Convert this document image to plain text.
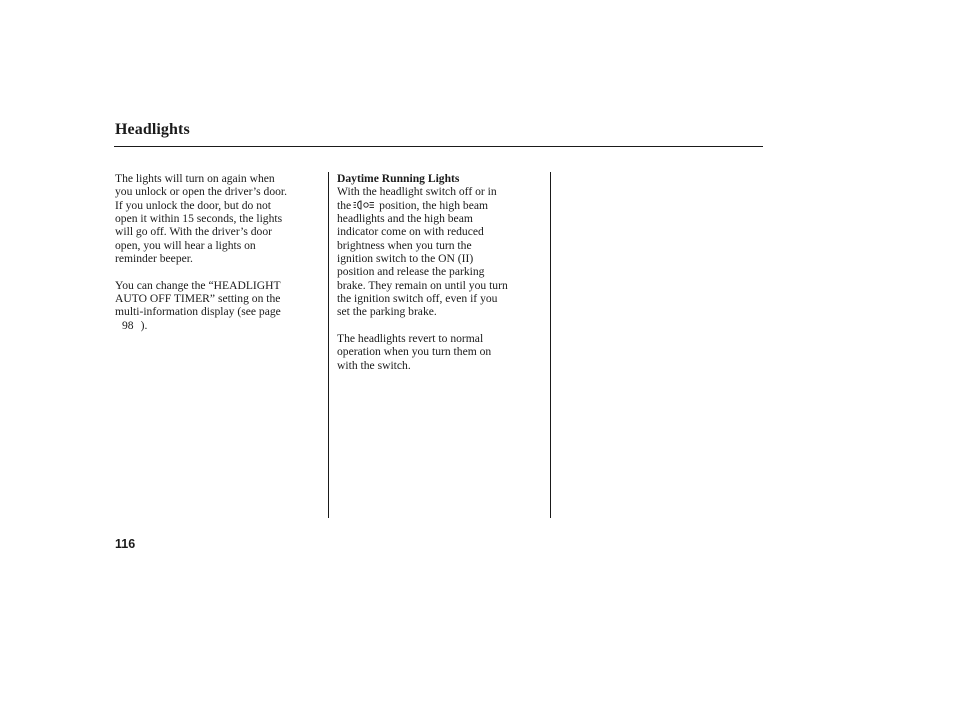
Headlights

The lights will turn on again when

you unlock or open the driver’s door.

If you unlock the door, but do not

open it within 15 seconds, the lights

will go off. With the driver’s door

open, you will hear a lights on

reminder beeper.

You can change the “HEADLIGHT

AUTO OFF TIMER” setting on the

multi-information display (see page

98 ).

Daytime Running Lights

With the headlight switch off or in

the position, the high beam

headlights and the high beam

indicator come on with reduced

brightness when you turn the

ignition switch to the ON (II)

position and release the parking

brake. They remain on until you turn

the ignition switch off, even if you

set the parking brake.

The headlights revert to normal

operation when you turn them on

with the switch.

116
